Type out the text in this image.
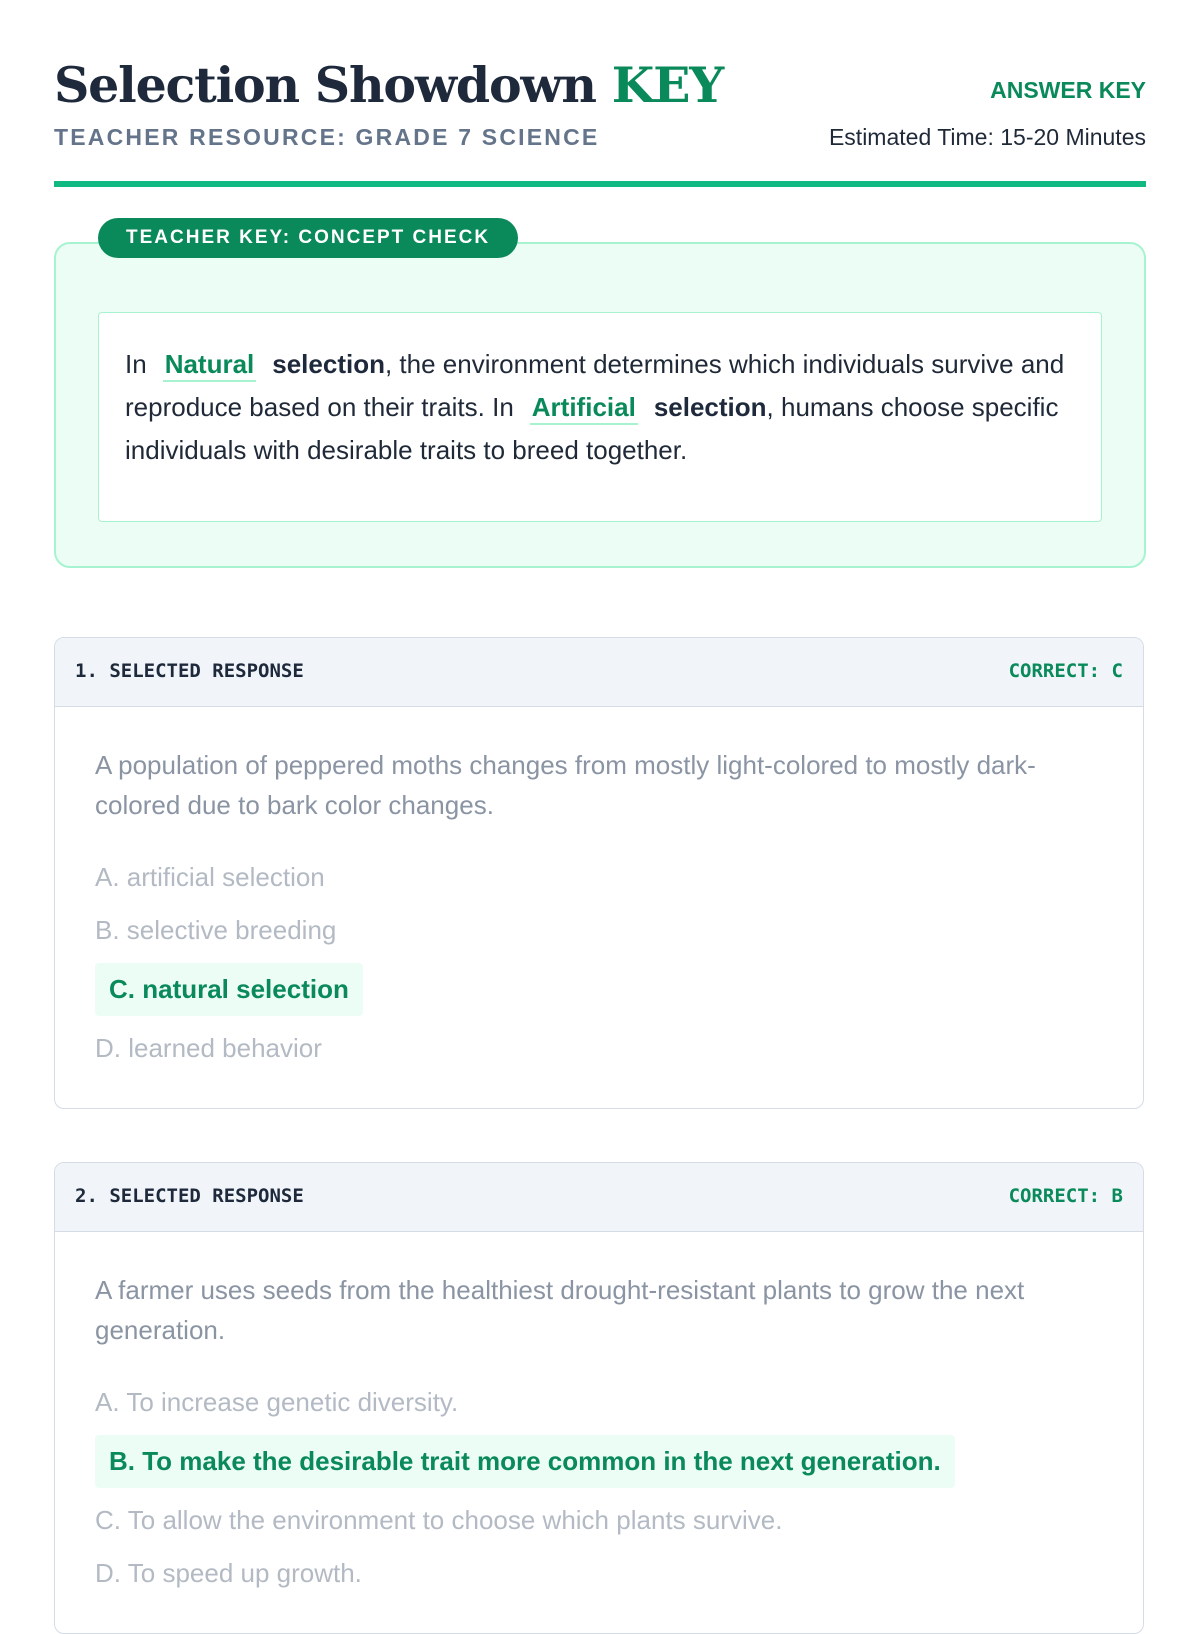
Selection Showdown KEY
TEACHER RESOURCE: GRADE 7 SCIENCE
ANSWER KEY
Estimated Time: 15-20 Minutes
TEACHER KEY: CONCEPT CHECK
In Natural selection, the environment determines which individuals survive and reproduce based on their traits. In Artificial selection, humans choose specific individuals with desirable traits to breed together.
1. SELECTED RESPONSE	CORRECT: C
A population of peppered moths changes from mostly light-colored to mostly dark-colored due to bark color changes.
A. artificial selection
B. selective breeding
C. natural selection
D. learned behavior
2. SELECTED RESPONSE	CORRECT: B
A farmer uses seeds from the healthiest drought-resistant plants to grow the next generation.
A. To increase genetic diversity.
B. To make the desirable trait more common in the next generation.
C. To allow the environment to choose which plants survive.
D. To speed up growth.
